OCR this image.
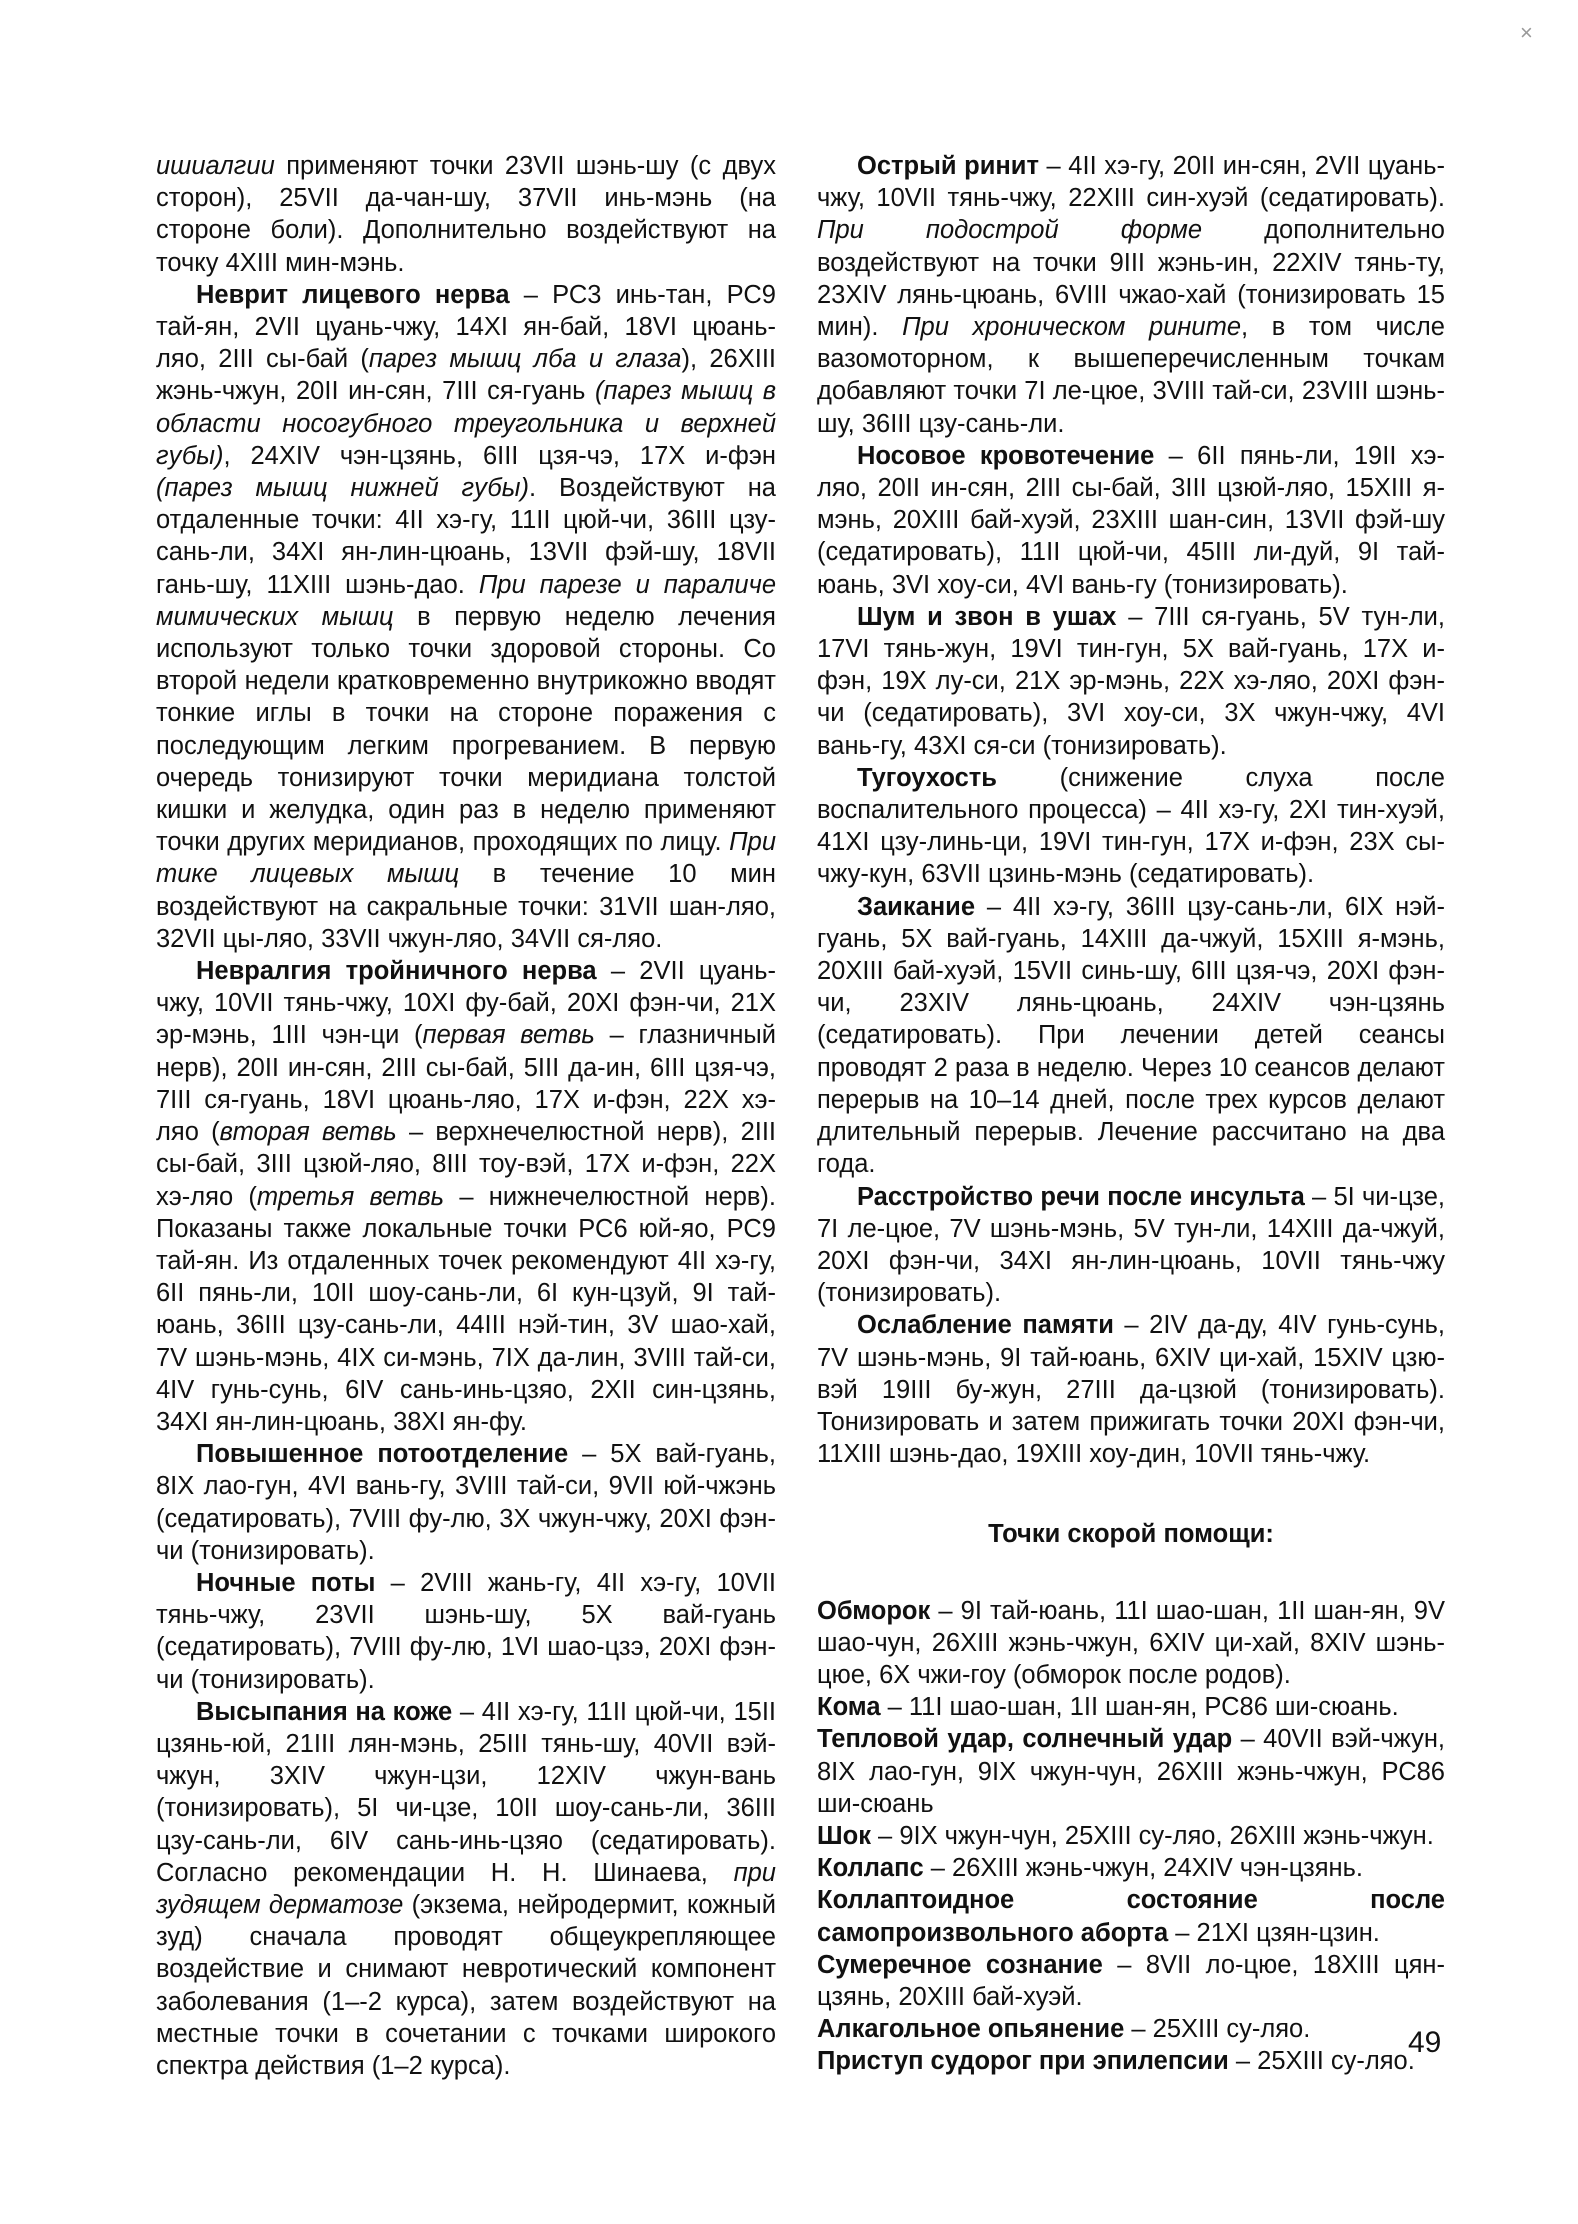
ишиалгии применяют точки 23VII шэнь-шу (с двух сторон), 25VII да-чан-шу, 37VII инь-мэнь (на стороне боли). Дополнительно воздействуют на точку 4XIII мин-мэнь.

Неврит лицевого нерва – РС3 инь-тан, РС9 тай-ян, 2VII цуань-чжу, 14XI ян-бай, 18VI цюань-ляо, 2III сы-бай (парез мышц лба и глаза), 26XIII жэнь-чжун, 20II ин-сян, 7III ся-гуань (парез мышц в области носогубного треугольника и верхней губы), 24XIV чэн-цзянь, 6III цзя-чэ, 17X и-фэн (парез мышц нижней губы). Воздействуют на отдаленные точки: 4II хэ-гу, 11II цюй-чи, 36III цзу-сань-ли, 34XI ян-лин-цюань, 13VII фэй-шу, 18VII гань-шу, 11XIII шэнь-дао. При парезе и параличе мимических мышц в первую неделю лечения используют только точки здоровой стороны. Со второй недели кратковременно внутрикожно вводят тонкие иглы в точки на стороне поражения с последующим легким прогреванием. В первую очередь тонизируют точки меридиана толстой кишки и желудка, один раз в неделю применяют точки других меридианов, проходящих по лицу. При тике лицевых мышц в течение 10 мин воздействуют на сакральные точки: 31VII шан-ляо, 32VII цы-ляо, 33VII чжун-ляо, 34VII ся-ляо.

Невралгия тройничного нерва – 2VII цуань-чжу, 10VII тянь-чжу, 10XI фу-бай, 20XI фэн-чи, 21X эр-мэнь, 1III чэн-ци (первая ветвь – глазничный нерв), 20II ин-сян, 2III сы-бай, 5III да-ин, 6III цзя-чэ, 7III ся-гуань, 18VI цюань-ляо, 17X и-фэн, 22X хэ-ляо (вторая ветвь – верхнечелюстной нерв), 2III сы-бай, 3III цзюй-ляо, 8III тоу-вэй, 17X и-фэн, 22X хэ-ляо (третья ветвь – нижнечелюстной нерв). Показаны также локальные точки РС6 юй-яо, РС9 тай-ян. Из отдаленных точек рекомендуют 4II хэ-гу, 6II пянь-ли, 10II шоу-сань-ли, 6I кун-цзуй, 9I тай-юань, 36III цзу-сань-ли, 44III нэй-тин, 3V шао-хай, 7V шэнь-мэнь, 4IX си-мэнь, 7IX да-лин, 3VIII тай-си, 4IV гунь-сунь, 6IV сань-инь-цзяо, 2XII син-цзянь, 34XI ян-лин-цюань, 38XI ян-фу.

Повышенное потоотделение – 5X вай-гуань, 8IX лао-гун, 4VI вань-гу, 3VIII тай-си, 9VII юй-чжэнь (седатировать), 7VIII фу-лю, 3X чжун-чжу, 20XI фэн-чи (тонизировать).

Ночные поты – 2VIII жань-гу, 4II хэ-гу, 10VII тянь-чжу, 23VII шэнь-шу, 5X вай-гуань (седатировать), 7VIII фу-лю, 1VI шао-цзэ, 20XI фэн-чи (тонизировать).

Высыпания на коже – 4II хэ-гу, 11II цюй-чи, 15II цзянь-юй, 21III лян-мэнь, 25III тянь-шу, 40VII вэй-чжун, 3XIV чжун-цзи, 12XIV чжун-вань (тонизировать), 5I чи-цзе, 10II шоу-сань-ли, 36III цзу-сань-ли, 6IV сань-инь-цзяо (седатировать). Согласно рекомендации Н. Н. Шинаева, при зудящем дерматозе (экзема, нейродермит, кожный зуд) сначала проводят общеукрепляющее воздействие и снимают невротический компонент заболевания (1–-2 курса), затем воздействуют на местные точки в сочетании с точками широкого спектра действия (1–2 курса).

Острый ринит – 4II хэ-гу, 20II ин-сян, 2VII цуань-чжу, 10VII тянь-чжу, 22XIII син-хуэй (седатировать). При подострой форме дополнительно воздействуют на точки 9III жэнь-ин, 22XIV тянь-ту, 23XIV лянь-цюань, 6VIII чжао-хай (тонизировать 15 мин). При хроническом рините, в том числе вазомоторном, к вышеперечисленным точкам добавляют точки 7I ле-цюе, 3VIII тай-си, 23VIII шэнь-шу, 36III цзу-сань-ли.

Носовое кровотечение – 6II пянь-ли, 19II хэ-ляо, 20II ин-сян, 2III сы-бай, 3III цзюй-ляо, 15XIII я-мэнь, 20XIII бай-хуэй, 23XIII шан-син, 13VII фэй-шу (седатировать), 11II цюй-чи, 45III ли-дуй, 9I тай-юань, 3VI хоу-си, 4VI вань-гу (тонизировать).

Шум и звон в ушах – 7III ся-гуань, 5V тун-ли, 17VI тянь-жун, 19VI тин-гун, 5X вай-гуань, 17X и-фэн, 19X лу-си, 21X эр-мэнь, 22X хэ-ляо, 20XI фэн-чи (седатировать), 3VI хоу-си, 3X чжун-чжу, 4VI вань-гу, 43XI ся-си (тонизировать).

Тугоухость (снижение слуха после воспалительного процесса) – 4II хэ-гу, 2XI тин-хуэй, 41XI цзу-линь-ци, 19VI тин-гун, 17X и-фэн, 23X сы-чжу-кун, 63VII цзинь-мэнь (седатировать).

Заикание – 4II хэ-гу, 36III цзу-сань-ли, 6IX нэй-гуань, 5X вай-гуань, 14XIII да-чжуй, 15XIII я-мэнь, 20XIII бай-хуэй, 15VII синь-шу, 6III цзя-чэ, 20XI фэн-чи, 23XIV лянь-цюань, 24XIV чэн-цзянь (седатировать). При лечении детей сеансы проводят 2 раза в неделю. Через 10 сеансов делают перерыв на 10–14 дней, после трех курсов делают длительный перерыв. Лечение рассчитано на два года.

Расстройство речи после инсульта – 5I чи-цзе, 7I ле-цюе, 7V шэнь-мэнь, 5V тун-ли, 14XIII да-чжуй, 20XI фэн-чи, 34XI ян-лин-цюань, 10VII тянь-чжу (тонизировать).

Ослабление памяти – 2IV да-ду, 4IV гунь-сунь, 7V шэнь-мэнь, 9I тай-юань, 6XIV ци-хай, 15XIV цзю-вэй 19III бу-жун, 27III да-цзюй (тонизировать). Тонизировать и затем прижигать точки 20XI фэн-чи, 11XIII шэнь-дао, 19XIII хоу-дин, 10VII тянь-чжу.

Точки скорой помощи:

Обморок – 9I тай-юань, 11I шао-шан, 1II шан-ян, 9V шао-чун, 26XIII жэнь-чжун, 6XIV ци-хай, 8XIV шэнь-цюе, 6X чжи-гоу (обморок после родов).

Кома – 11I шао-шан, 1II шан-ян, РС86 ши-сюань.

Тепловой удар, солнечный удар – 40VII вэй-чжун, 8IX лао-гун, 9IX чжун-чун, 26XIII жэнь-чжун, РС86 ши-сюань

Шок – 9IX чжун-чун, 25XIII су-ляо, 26XIII жэнь-чжун.

Коллапс – 26XIII жэнь-чжун, 24XIV чэн-цзянь.

Коллаптоидное состояние после самопроизвольного аборта – 21XI цзян-цзин.

Сумеречное сознание – 8VII ло-цюе, 18XIII цян-цзянь, 20XIII бай-хуэй.

Алкагольное опьянение – 25XIII су-ляо.

Приступ судорог при эпилепсии – 25XIII су-ляо.

49
×
